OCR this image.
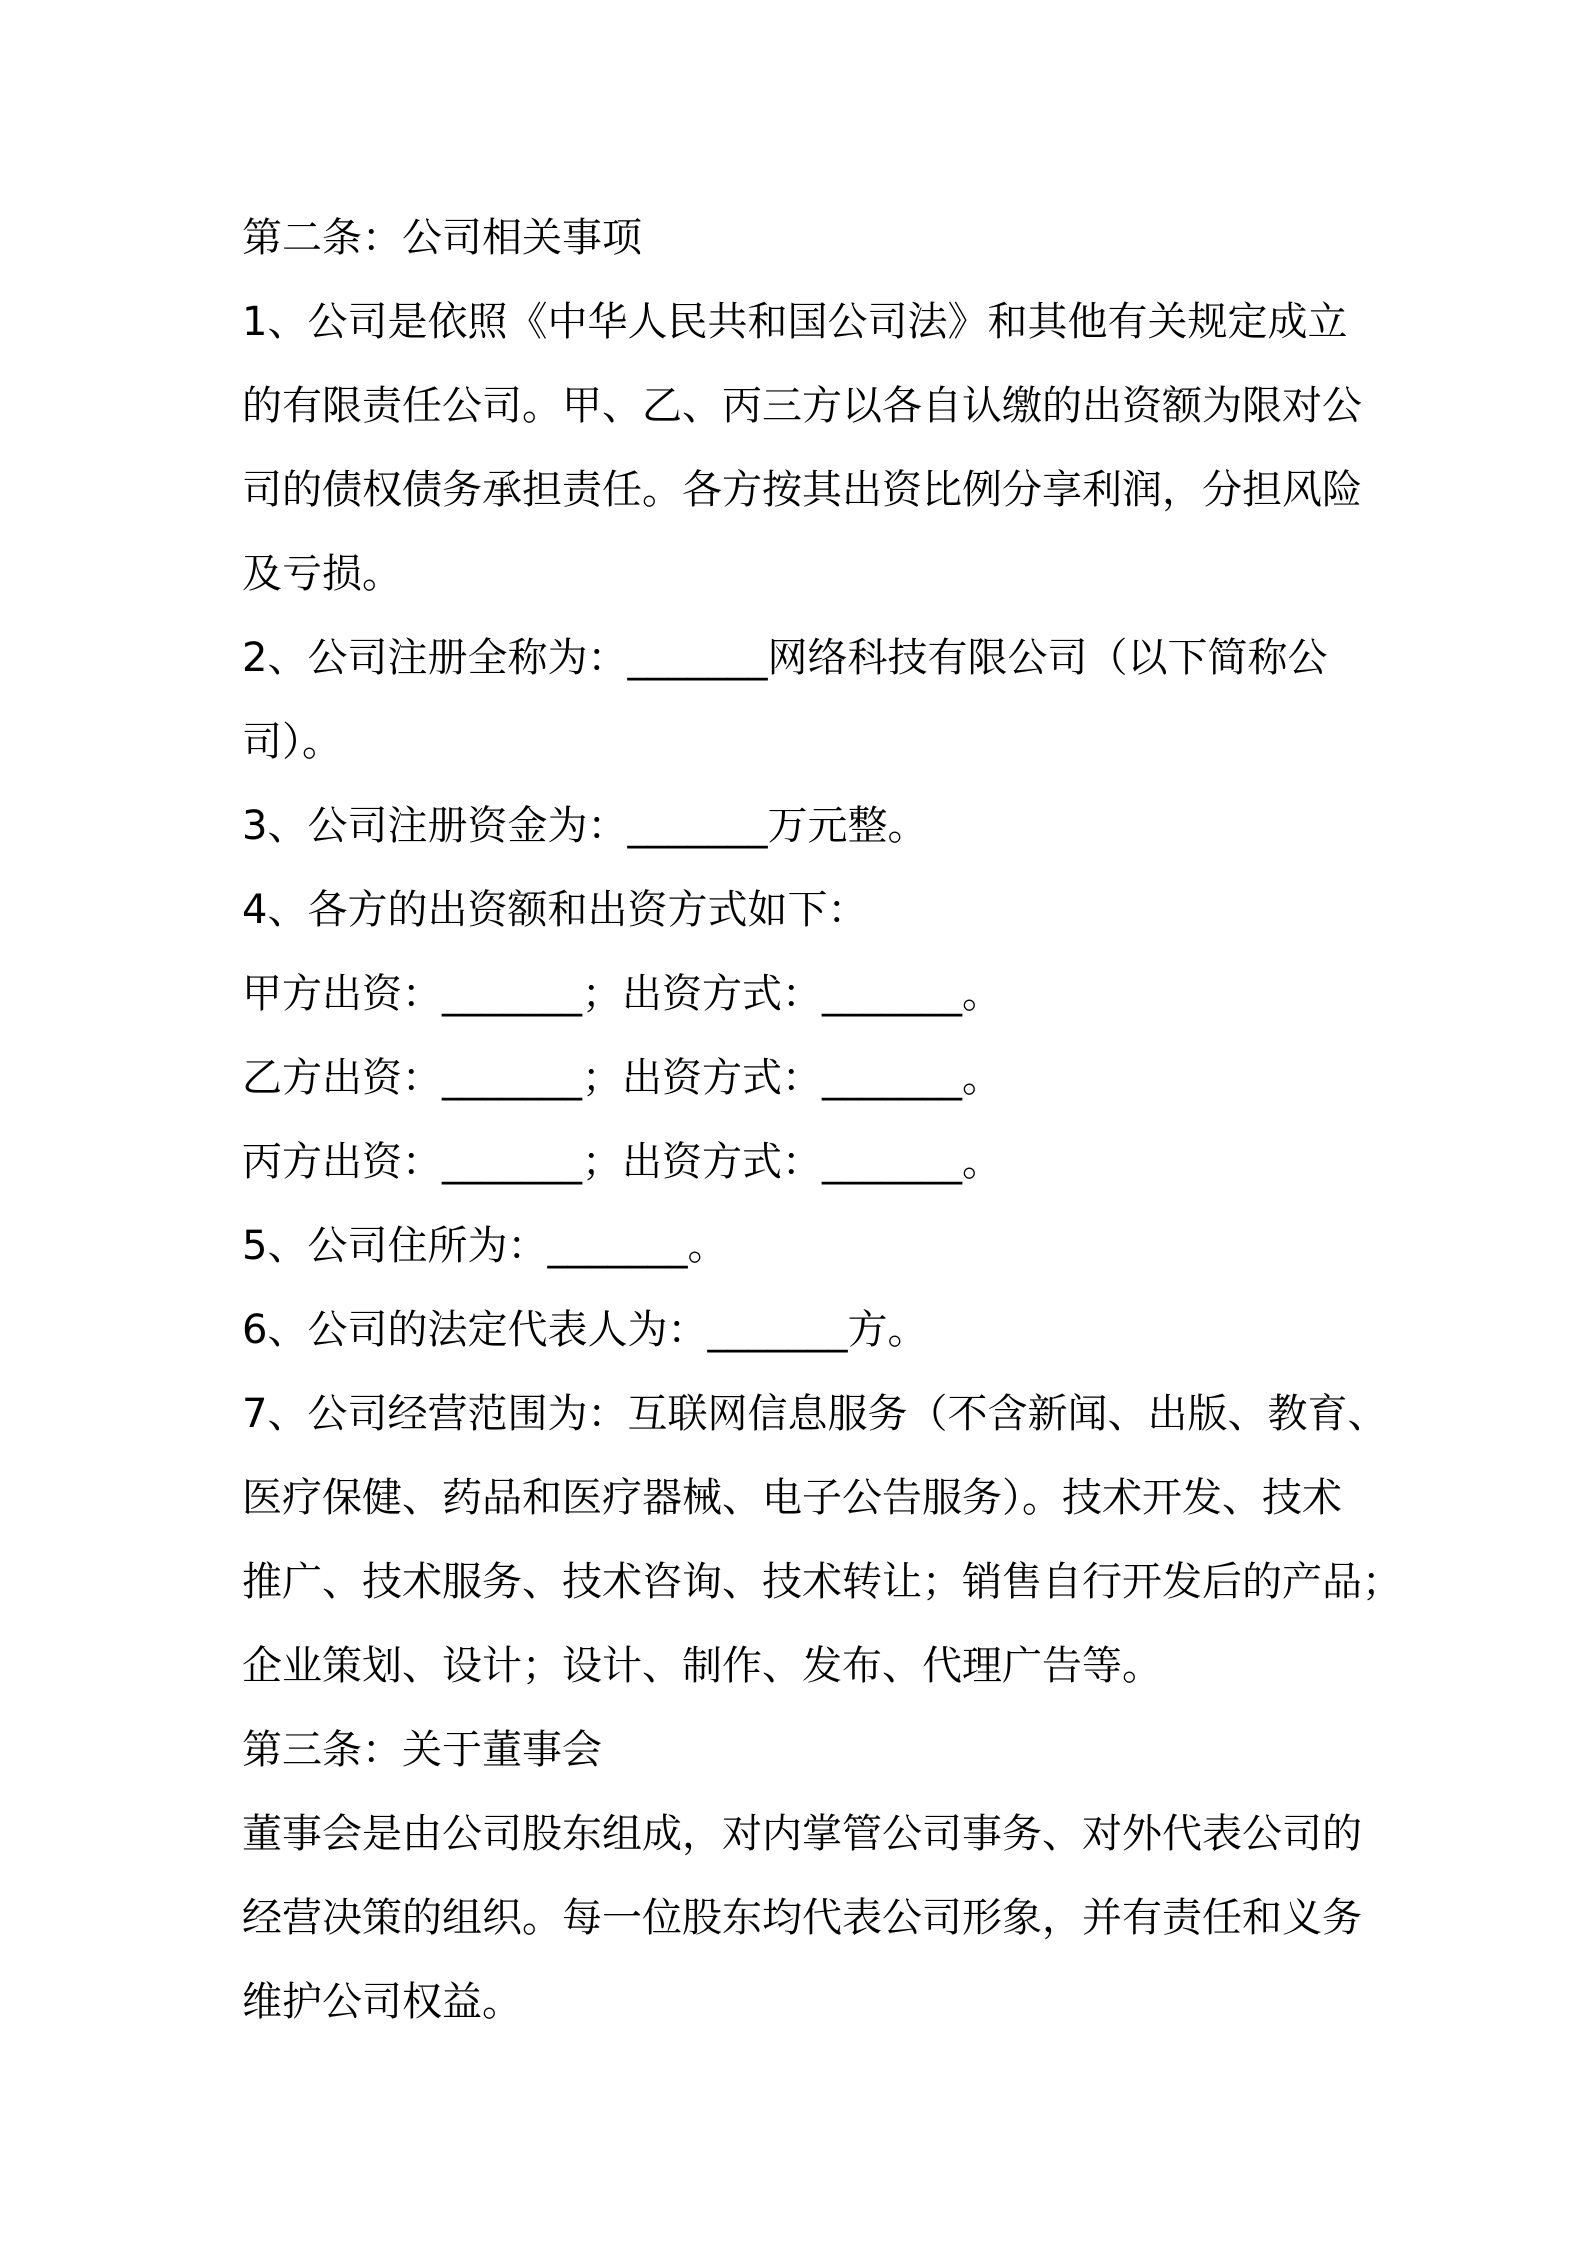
第二条：公司相关事项
1、公司是依照《中华人民共和国公司法》和其他有关规定成立
的有限责任公司。甲、乙、丙三方以各自认缴的出资额为限对公
司的债权债务承担责任。各方按其出资比例分享利润，分担风险
及亏损。
2、公司注册全称为：_______网络科技有限公司（以下简称公
司）。
3、公司注册资金为：_______万元整。
4、各方的出资额和出资方式如下：
甲方出资：_______；出资方式：_______。
乙方出资：_______；出资方式：_______。
丙方出资：_______；出资方式：_______。
5、公司住所为：_______。
6、公司的法定代表人为：_______方。
7、公司经营范围为：互联网信息服务（不含新闻、出版、教育、
医疗保健、药品和医疗器械、电子公告服务）。技术开发、技术
推广、技术服务、技术咨询、技术转让；销售自行开发后的产品；
企业策划、设计；设计、制作、发布、代理广告等。
第三条：关于董事会
董事会是由公司股东组成，对内掌管公司事务、对外代表公司的
经营决策的组织。每一位股东均代表公司形象，并有责任和义务
维护公司权益。
